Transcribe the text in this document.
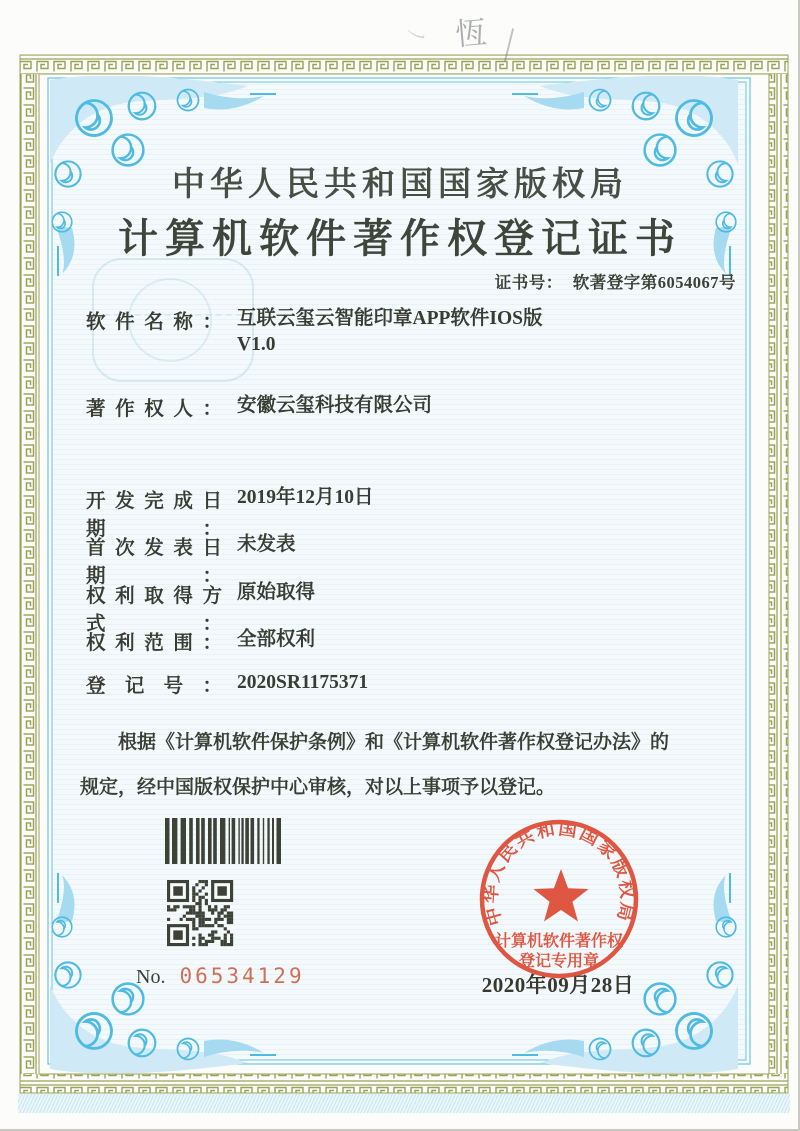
恆
ノ
中华人民共和国国家版权局
计算机软件著作权登记证书
证书号： 软著登字第6054067号
软件名称： 互联云玺云智能印章APP软件IOS版
V1.0
著作权人： 安徽云玺科技有限公司
开发完成日期：
2019年12月10日
首次发表日期：
未发表
权利取得方式：
原始取得
权利范围： 全部权利
登记号： 2020SR1175371
根据《计算机软件保护条例》和《计算机软件著作权登记办法》的
规定，经中国版权保护中心审核，对以上事项予以登记。
No. 06534129
中华人民共和国国家版权局
计算机软件著作权
登记专用章
2020年09月28日
